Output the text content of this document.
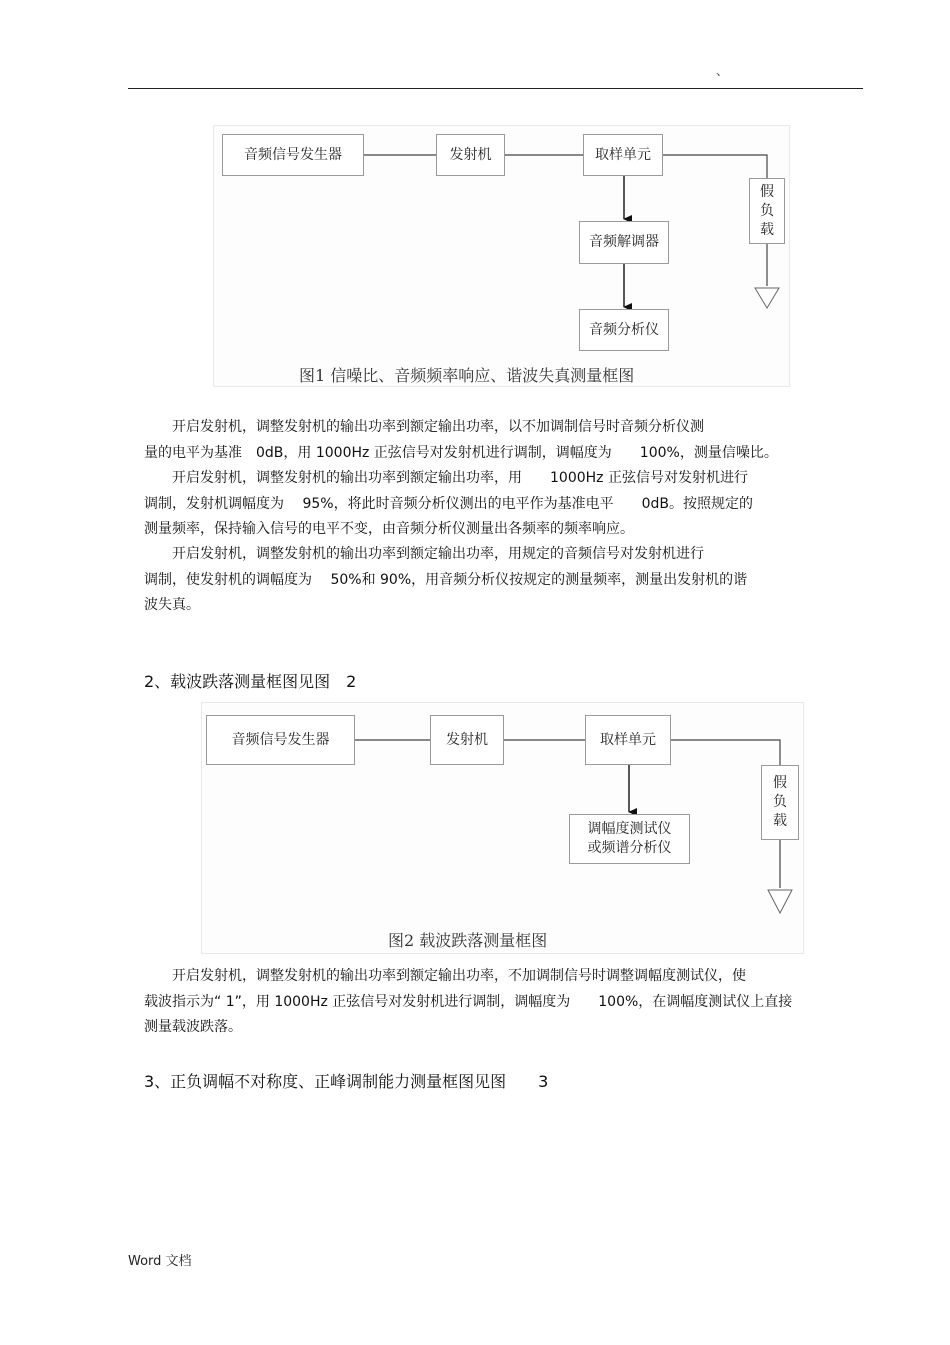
、
音频信号发生器	发射机	取样单元
音频解调器
音频分析仪
假
负
载
图1 信噪比、音频频率响应、谐波失真测量框图

　　开启发射机，调整发射机的输出功率到额定输出功率，以不加调制信号时音频分析仪测

量的电平为基准　0dB，用 1000Hz 正弦信号对发射机进行调制，调幅度为　　100%，测量信噪比。

　　开启发射机，调整发射机的输出功率到额定输出功率，用　　1000Hz 正弦信号对发射机进行

调制，发射机调幅度为　 95%，将此时音频分析仪测出的电平作为基准电平　　0dB。按照规定的

测量频率，保持输入信号的电平不变，由音频分析仪测量出各频率的频率响应。

　　开启发射机，调整发射机的输出功率到额定输出功率，用规定的音频信号对发射机进行

调制，使发射机的调幅度为　 50%和 90%，用音频分析仪按规定的测量频率，测量出发射机的谐

波失真。

2、载波跌落测量框图见图　2
音频信号发生器	发射机	取样单元
调幅度测试仪
或频谱分析仪
假
负
载
图2 载波跌落测量框图

　　开启发射机，调整发射机的输出功率到额定输出功率，不加调制信号时调整调幅度测试仪，使

载波指示为“ 1”，用 1000Hz 正弦信号对发射机进行调制，调幅度为　　100%，在调幅度测试仪上直接

测量载波跌落。

3、正负调幅不对称度、正峰调制能力测量框图见图　　3
Word 文档
